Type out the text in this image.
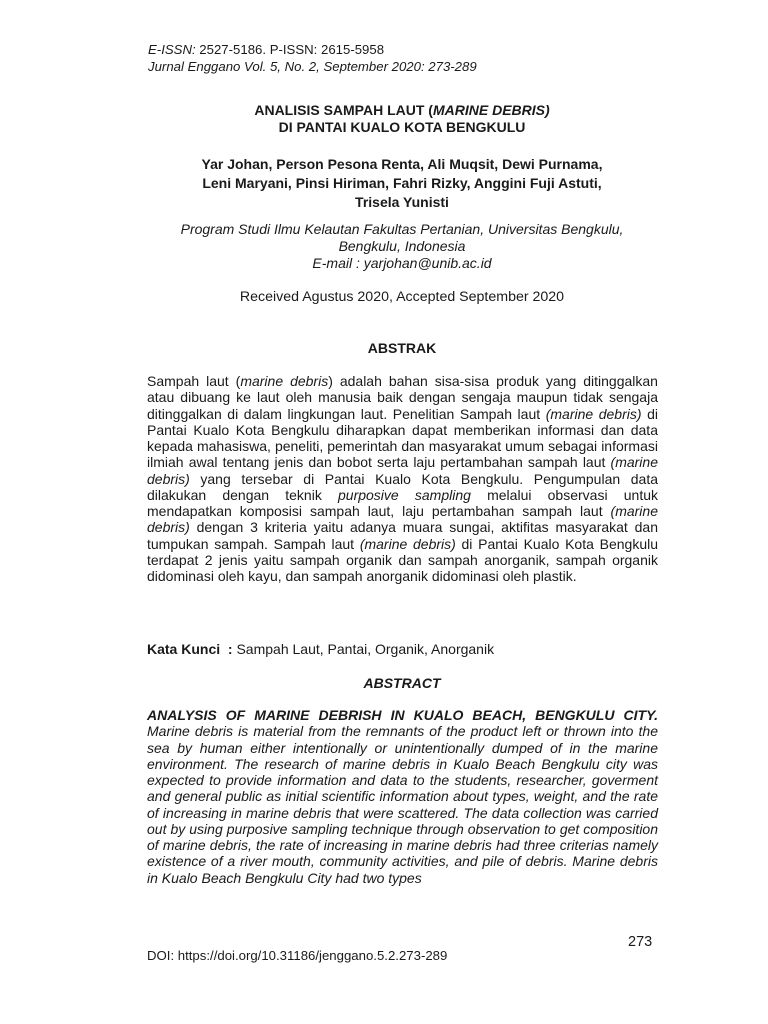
E-ISSN: 2527-5186. P-ISSN: 2615-5958
Jurnal Enggano Vol. 5, No. 2, September 2020: 273-289
ANALISIS SAMPAH LAUT (MARINE DEBRIS)
DI PANTAI KUALO KOTA BENGKULU
Yar Johan, Person Pesona Renta, Ali Muqsit, Dewi Purnama,
Leni Maryani, Pinsi Hiriman, Fahri Rizky, Anggini Fuji Astuti,
Trisela Yunisti
Program Studi Ilmu Kelautan Fakultas Pertanian, Universitas Bengkulu,
Bengkulu, Indonesia
E-mail : yarjohan@unib.ac.id
Received Agustus 2020, Accepted September 2020
ABSTRAK
Sampah laut (marine debris) adalah bahan sisa-sisa produk yang ditinggalkan atau dibuang ke laut oleh manusia baik dengan sengaja maupun tidak sengaja ditinggalkan di dalam lingkungan laut. Penelitian Sampah laut (marine debris) di Pantai Kualo Kota Bengkulu diharapkan dapat memberikan informasi dan data kepada mahasiswa, peneliti, pemerintah dan masyarakat umum sebagai informasi ilmiah awal tentang jenis dan bobot serta laju pertambahan sampah laut (marine debris) yang tersebar di Pantai Kualo Kota Bengkulu. Pengumpulan data dilakukan dengan teknik purposive sampling melalui observasi untuk mendapatkan komposisi sampah laut, laju pertambahan sampah laut (marine debris) dengan 3 kriteria yaitu adanya muara sungai, aktifitas masyarakat dan tumpukan sampah. Sampah laut (marine debris) di Pantai Kualo Kota Bengkulu terdapat 2 jenis yaitu sampah organik dan sampah anorganik, sampah organik didominasi oleh kayu, dan sampah anorganik didominasi oleh plastik.
Kata Kunci  : Sampah Laut, Pantai, Organik, Anorganik
ABSTRACT
ANALYSIS OF MARINE DEBRISH IN KUALO BEACH, BENGKULU CITY. Marine debris is material from the remnants of the product left or thrown into the sea by human either intentionally or unintentionally dumped of in the marine environment. The research of marine debris in Kualo Beach Bengkulu city was expected to provide information and data to the students, researcher, goverment and general public as initial scientific information about types, weight, and the rate of increasing in marine debris that were scattered. The data collection was carried out by using purposive sampling technique through observation to get composition of marine debris, the rate of increasing in marine debris had three criterias namely existence of a river mouth, community activities, and pile of debris. Marine debris in Kualo Beach Bengkulu City had two types
273
DOI: https://doi.org/10.31186/jenggano.5.2.273-289
